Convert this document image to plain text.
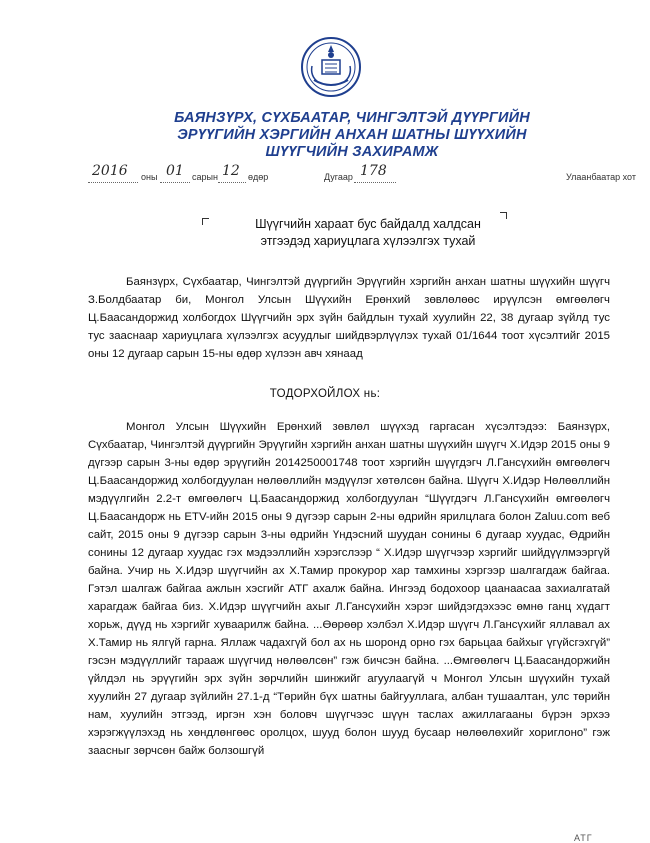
БАЯНЗҮРХ, СҮХБААТАР, ЧИНГЭЛТЭЙ ДҮҮРГИЙН
ЭРҮҮГИЙН ХЭРГИЙН АНХАН ШАТНЫ ШҮҮХИЙН
ШҮҮГЧИЙН ЗАХИРАМЖ
2016 оны 01 сарын 12 өдөр	Дугаар 178	Улаанбаатар хот
Шүүгчийн хараат бус байдалд халдсан
этгээдэд хариуцлага хүлээлгэх тухай
Баянзүрх, Сүхбаатар, Чингэлтэй дүүргийн Эрүүгийн хэргийн анхан шатны шүүхийн шүүгч З.Болдбаатар би, Монгол Улсын Шүүхийн Ерөнхий зөвлөлөөс ирүүлсэн өмгөөлөгч Ц.Баасандоржид холбогдох Шүүгчийн эрх зүйн байдлын тухай хуулийн 22, 38 дугаар зүйлд тус тус зааснаар хариуцлага хүлээлгэх асуудлыг шийдвэрлүүлэх тухай 01/1644 тоот хүсэлтийг 2015 оны 12 дугаар сарын 15-ны өдөр хүлээн авч хянаад
ТОДОРХОЙЛОХ нь:
Монгол Улсын Шүүхийн Ерөнхий зөвлөл шүүхэд гаргасан хүсэлтэдээ: Баянзүрх, Сүхбаатар, Чингэлтэй дүүргийн Эрүүгийн хэргийн анхан шатны шүүхийн шүүгч Х.Идэр 2015 оны 9 дүгээр сарын 3-ны өдөр эрүүгийн 2014250001748 тоот хэргийн шүүгдэгч Л.Гансүхийн өмгөөлөгч Ц.Баасандоржид холбогдуулан нөлөөллийн мэдүүлэг хөтөлсөн байна. Шүүгч Х.Идэр Нөлөөллийн мэдүүлгийн 2.2-т өмгөөлөгч Ц.Баасандоржид холбогдуулан “Шүүгдэгч Л.Гансүхийн өмгөөлөгч Ц.Баасандорж нь ЕТV-ийн 2015 оны 9 дүгээр сарын 2-ны өдрийн ярилцлага болон Zaluu.com веб сайт, 2015 оны 9 дүгээр сарын 3-ны өдрийн Үндэсний шуудан сонины 6 дугаар хуудас, Өдрийн сонины 12 дугаар хуудас гэх мэдээллийн хэрэгслээр “ Х.Идэр шүүгчээр хэргийг шийдүүлмээргүй байна. Учир нь Х.Идэр шүүгчийн ах Х.Тамир прокурор хар тамхины хэргээр шалгагдаж байгаа. Гэтэл шалгаж байгаа ажлын хэсгийг АТГ ахалж байна. Ингээд бодохоор цаанаасаа захиалгатай харагдаж байгаа биз. Х.Идэр шүүгчийн ахыг Л.Гансүхийн хэрэг шийдэгдэхээс өмнө ганц хүдагт хорьж, дүүд нь хэргийг хуваарилж байна. ...Өөрөөр хэлбэл Х.Идэр шүүгч Л.Гансүхийг яллавал ах Х.Тамир нь ялгүй гарна. Яллаж чадахгүй бол ах нь шоронд орно гэх барьцаа байхыг үгүйсгэхгүй” гэсэн мэдүүллийг тарааж шүүгчид нөлөөлсөн” гэж бичсэн байна. ...Өмгөөлөгч Ц.Баасандоржийн үйлдэл нь эрүүгийн эрх зүйн зөрчлийн шинжийг агуулаагүй ч Монгол Улсын шүүхийн тухай хуулийн 27 дугаар зүйлийн 27.1-д “Төрийн бүх шатны байгууллага, албан тушаалтан, улс төрийн нам, хуулийн этгээд, иргэн хэн боловч шүүгчээс шүүн таслах ажиллагааны бүрэн эрхээ хэрэгжүүлэхэд нь хөндлөнгөөс оролцох, шууд болон шууд бусаар нөлөөлөхийг хориглоно” гэж заасныг зөрчсөн байж болзошгүй
АТГ
